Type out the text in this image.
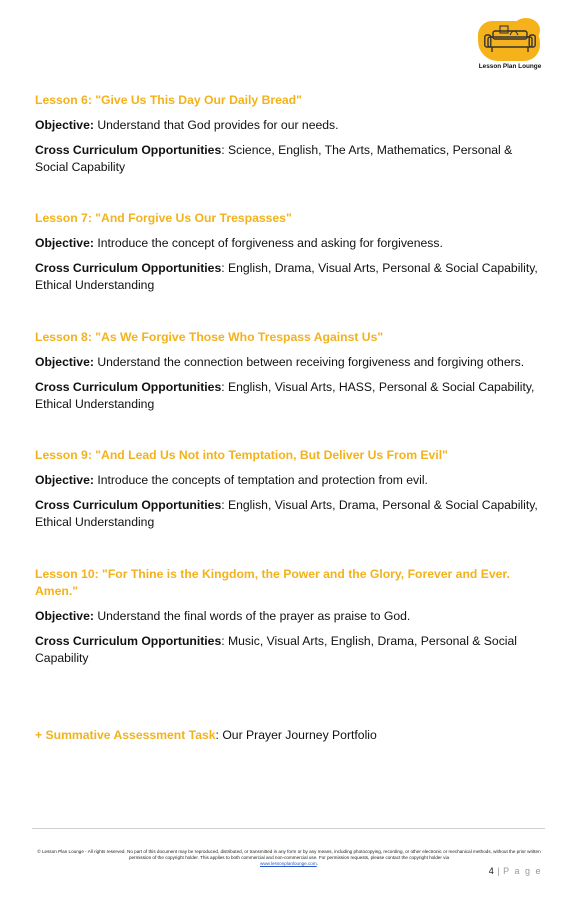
Lesson Plan Lounge
Lesson 6: "Give Us This Day Our Daily Bread"
Objective: Understand that God provides for our needs.
Cross Curriculum Opportunities: Science, English, The Arts, Mathematics, Personal & Social Capability
Lesson 7: "And Forgive Us Our Trespasses"
Objective: Introduce the concept of forgiveness and asking for forgiveness.
Cross Curriculum Opportunities: English, Drama, Visual Arts, Personal & Social Capability, Ethical Understanding
Lesson 8: "As We Forgive Those Who Trespass Against Us"
Objective: Understand the connection between receiving forgiveness and forgiving others.
Cross Curriculum Opportunities: English, Visual Arts, HASS, Personal & Social Capability, Ethical Understanding
Lesson 9: "And Lead Us Not into Temptation, But Deliver Us From Evil"
Objective: Introduce the concepts of temptation and protection from evil.
Cross Curriculum Opportunities: English, Visual Arts, Drama, Personal & Social Capability, Ethical Understanding
Lesson 10: "For Thine is the Kingdom, the Power and the Glory, Forever and Ever. Amen."
Objective: Understand the final words of the prayer as praise to God.
Cross Curriculum Opportunities: Music, Visual Arts, English, Drama, Personal & Social Capability
+ Summative Assessment Task: Our Prayer Journey Portfolio
© Lesson Plan Lounge - All rights reserved. No part of this document may be reproduced, distributed, or transmitted in any form or by any means, including photocopying, recording, or other electronic or mechanical methods, without the prior written permission of the copyright holder. This applies to both commercial and non-commercial use. For permission requests, please contact the copyright holder via
www.lessonplanlounge.com.
4 | P a g e
